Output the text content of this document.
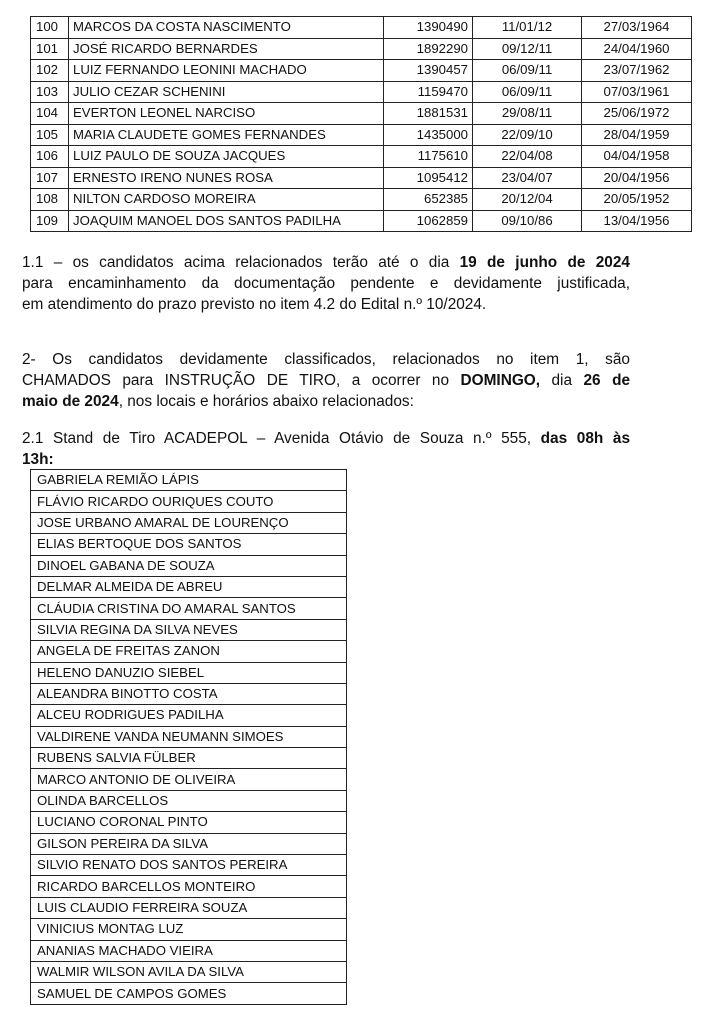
100	MARCOS DA COSTA NASCIMENTO	1390490	11/01/12	27/03/1964
101	JOSÉ RICARDO BERNARDES	1892290	09/12/11	24/04/1960
102	LUIZ FERNANDO LEONINI MACHADO	1390457	06/09/11	23/07/1962
103	JULIO CEZAR SCHENINI	1159470	06/09/11	07/03/1961
104	EVERTON LEONEL NARCISO	1881531	29/08/11	25/06/1972
105	MARIA CLAUDETE GOMES FERNANDES	1435000	22/09/10	28/04/1959
106	LUIZ PAULO DE SOUZA JACQUES	1175610	22/04/08	04/04/1958
107	ERNESTO IRENO NUNES ROSA	1095412	23/04/07	20/04/1956
108	NILTON CARDOSO MOREIRA	652385	20/12/04	20/05/1952
109	JOAQUIM MANOEL DOS SANTOS PADILHA	1062859	09/10/86	13/04/1956
1.1 – os candidatos acima relacionados terão até o dia 19 de junho de 2024
para encaminhamento da documentação pendente e devidamente justificada,
em atendimento do prazo previsto no item 4.2 do Edital n.º 10/2024.
2- Os candidatos devidamente classificados, relacionados no item 1, são
CHAMADOS para INSTRUÇÃO DE TIRO, a ocorrer no DOMINGO, dia 26 de
maio de 2024, nos locais e horários abaixo relacionados:
2.1 Stand de Tiro ACADEPOL – Avenida Otávio de Souza n.º 555, das 08h às
13h:
GABRIELA REMIÃO LÁPIS
FLÁVIO RICARDO OURIQUES COUTO
JOSE URBANO AMARAL DE LOURENÇO
ELIAS BERTOQUE DOS SANTOS
DINOEL GABANA DE SOUZA
DELMAR ALMEIDA DE ABREU
CLÁUDIA CRISTINA DO AMARAL SANTOS
SILVIA REGINA DA SILVA NEVES
ANGELA DE FREITAS ZANON
HELENO DANUZIO SIEBEL
ALEANDRA BINOTTO COSTA
ALCEU RODRIGUES PADILHA
VALDIRENE VANDA NEUMANN SIMOES
RUBENS SALVIA FÜLBER
MARCO ANTONIO DE OLIVEIRA
OLINDA BARCELLOS
LUCIANO CORONAL PINTO
GILSON PEREIRA DA SILVA
SILVIO RENATO DOS SANTOS PEREIRA
RICARDO BARCELLOS MONTEIRO
LUIS CLAUDIO FERREIRA SOUZA
VINICIUS MONTAG LUZ
ANANIAS MACHADO VIEIRA
WALMIR WILSON AVILA DA SILVA
SAMUEL DE CAMPOS GOMES
